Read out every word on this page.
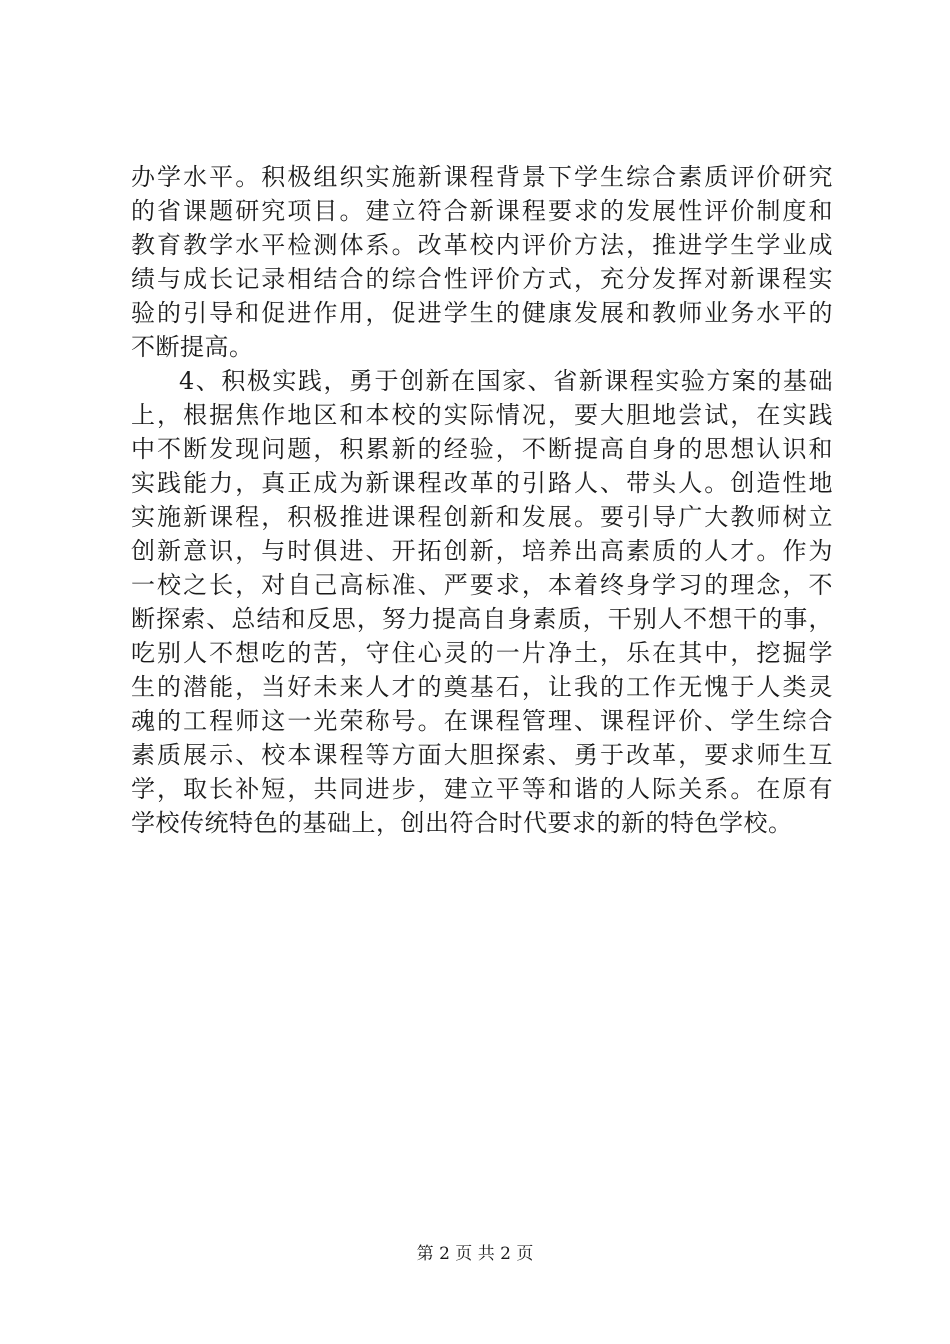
办学水平。积极组织实施新课程背景下学生综合素质评价研究
的省课题研究项目。建立符合新课程要求的发展性评价制度和
教育教学水平检测体系。改革校内评价方法，推进学生学业成
绩与成长记录相结合的综合性评价方式，充分发挥对新课程实
验的引导和促进作用，促进学生的健康发展和教师业务水平的
不断提高。
4、积极实践，勇于创新在国家、省新课程实验方案的基础
上，根据焦作地区和本校的实际情况，要大胆地尝试，在实践
中不断发现问题，积累新的经验，不断提高自身的思想认识和
实践能力，真正成为新课程改革的引路人、带头人。创造性地
实施新课程，积极推进课程创新和发展。要引导广大教师树立
创新意识，与时俱进、开拓创新，培养出高素质的人才。作为
一校之长，对自己高标准、严要求，本着终身学习的理念，不
断探索、总结和反思，努力提高自身素质，干别人不想干的事，
吃别人不想吃的苦，守住心灵的一片净土，乐在其中，挖掘学
生的潜能，当好未来人才的奠基石，让我的工作无愧于人类灵
魂的工程师这一光荣称号。在课程管理、课程评价、学生综合
素质展示、校本课程等方面大胆探索、勇于改革，要求师生互
学，取长补短，共同进步，建立平等和谐的人际关系。在原有
学校传统特色的基础上，创出符合时代要求的新的特色学校。
第 2 页 共 2 页
